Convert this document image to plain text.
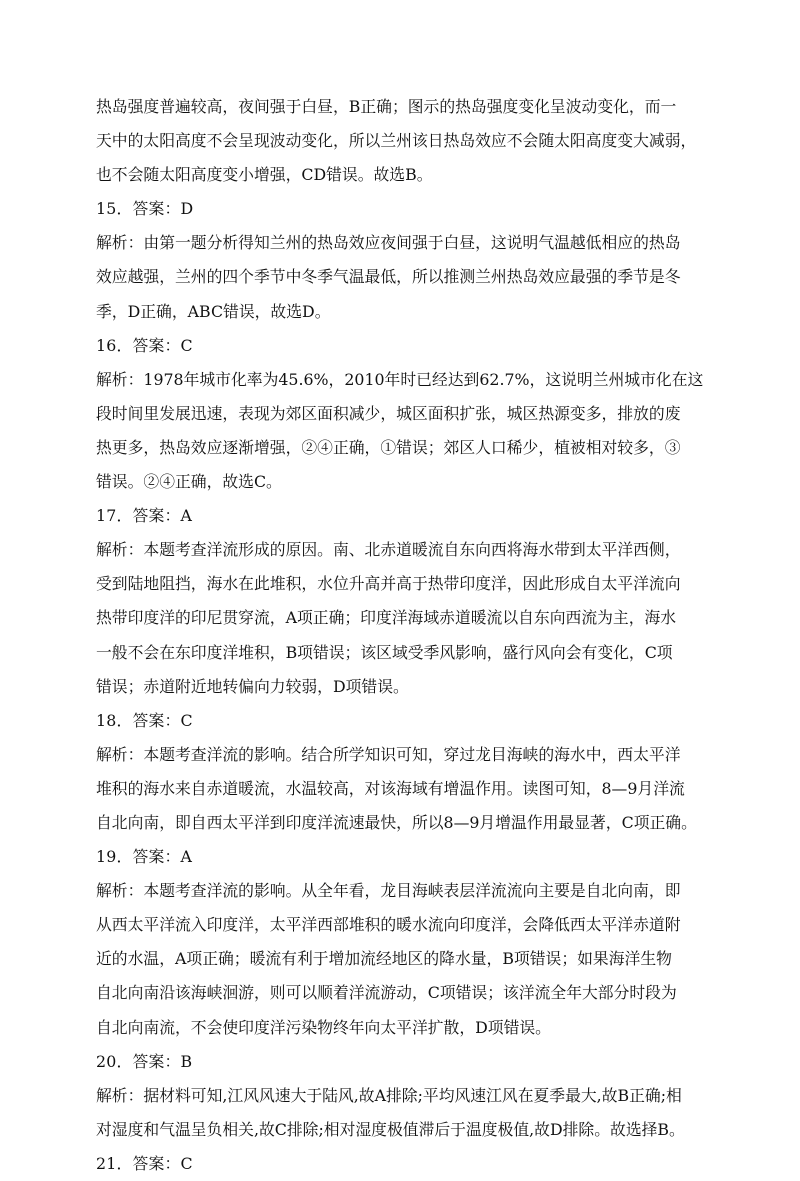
热岛强度普遍较高，夜间强于白昼，B正确；图示的热岛强度变化呈波动变化，而一
天中的太阳高度不会呈现波动变化，所以兰州该日热岛效应不会随太阳高度变大减弱，
也不会随太阳高度变小增强，CD错误。故选B。
15．答案：D
解析：由第一题分析得知兰州的热岛效应夜间强于白昼，这说明气温越低相应的热岛
效应越强，兰州的四个季节中冬季气温最低，所以推测兰州热岛效应最强的季节是冬
季，D正确，ABC错误，故选D。
16．答案：C
解析：1978年城市化率为45.6%，2010年时已经达到62.7%，这说明兰州城市化在这
段时间里发展迅速，表现为郊区面积减少，城区面积扩张，城区热源变多，排放的废
热更多，热岛效应逐渐增强，②④正确，①错误；郊区人口稀少，植被相对较多，③
错误。②④正确，故选C。
17．答案：A
解析：本题考查洋流形成的原因。南、北赤道暖流自东向西将海水带到太平洋西侧，
受到陆地阻挡，海水在此堆积，水位升高并高于热带印度洋，因此形成自太平洋流向
热带印度洋的印尼贯穿流，A项正确；印度洋海域赤道暖流以自东向西流为主，海水
一般不会在东印度洋堆积，B项错误；该区域受季风影响，盛行风向会有变化，C项
错误；赤道附近地转偏向力较弱，D项错误。
18．答案：C
解析：本题考查洋流的影响。结合所学知识可知，穿过龙目海峡的海水中，西太平洋
堆积的海水来自赤道暖流，水温较高，对该海域有增温作用。读图可知，8—9月洋流
自北向南，即自西太平洋到印度洋流速最快，所以8—9月增温作用最显著，C项正确。
19．答案：A
解析：本题考查洋流的影响。从全年看，龙目海峡表层洋流流向主要是自北向南，即
从西太平洋流入印度洋，太平洋西部堆积的暖水流向印度洋，会降低西太平洋赤道附
近的水温，A项正确；暖流有利于增加流经地区的降水量，B项错误；如果海洋生物
自北向南沿该海峡洄游，则可以顺着洋流游动，C项错误；该洋流全年大部分时段为
自北向南流，不会使印度洋污染物终年向太平洋扩散，D项错误。
20．答案：B
解析：据材料可知,江风风速大于陆风,故A排除;平均风速江风在夏季最大,故B正确;相
对湿度和气温呈负相关,故C排除;相对湿度极值滞后于温度极值,故D排除。故选择B。
21．答案：C
